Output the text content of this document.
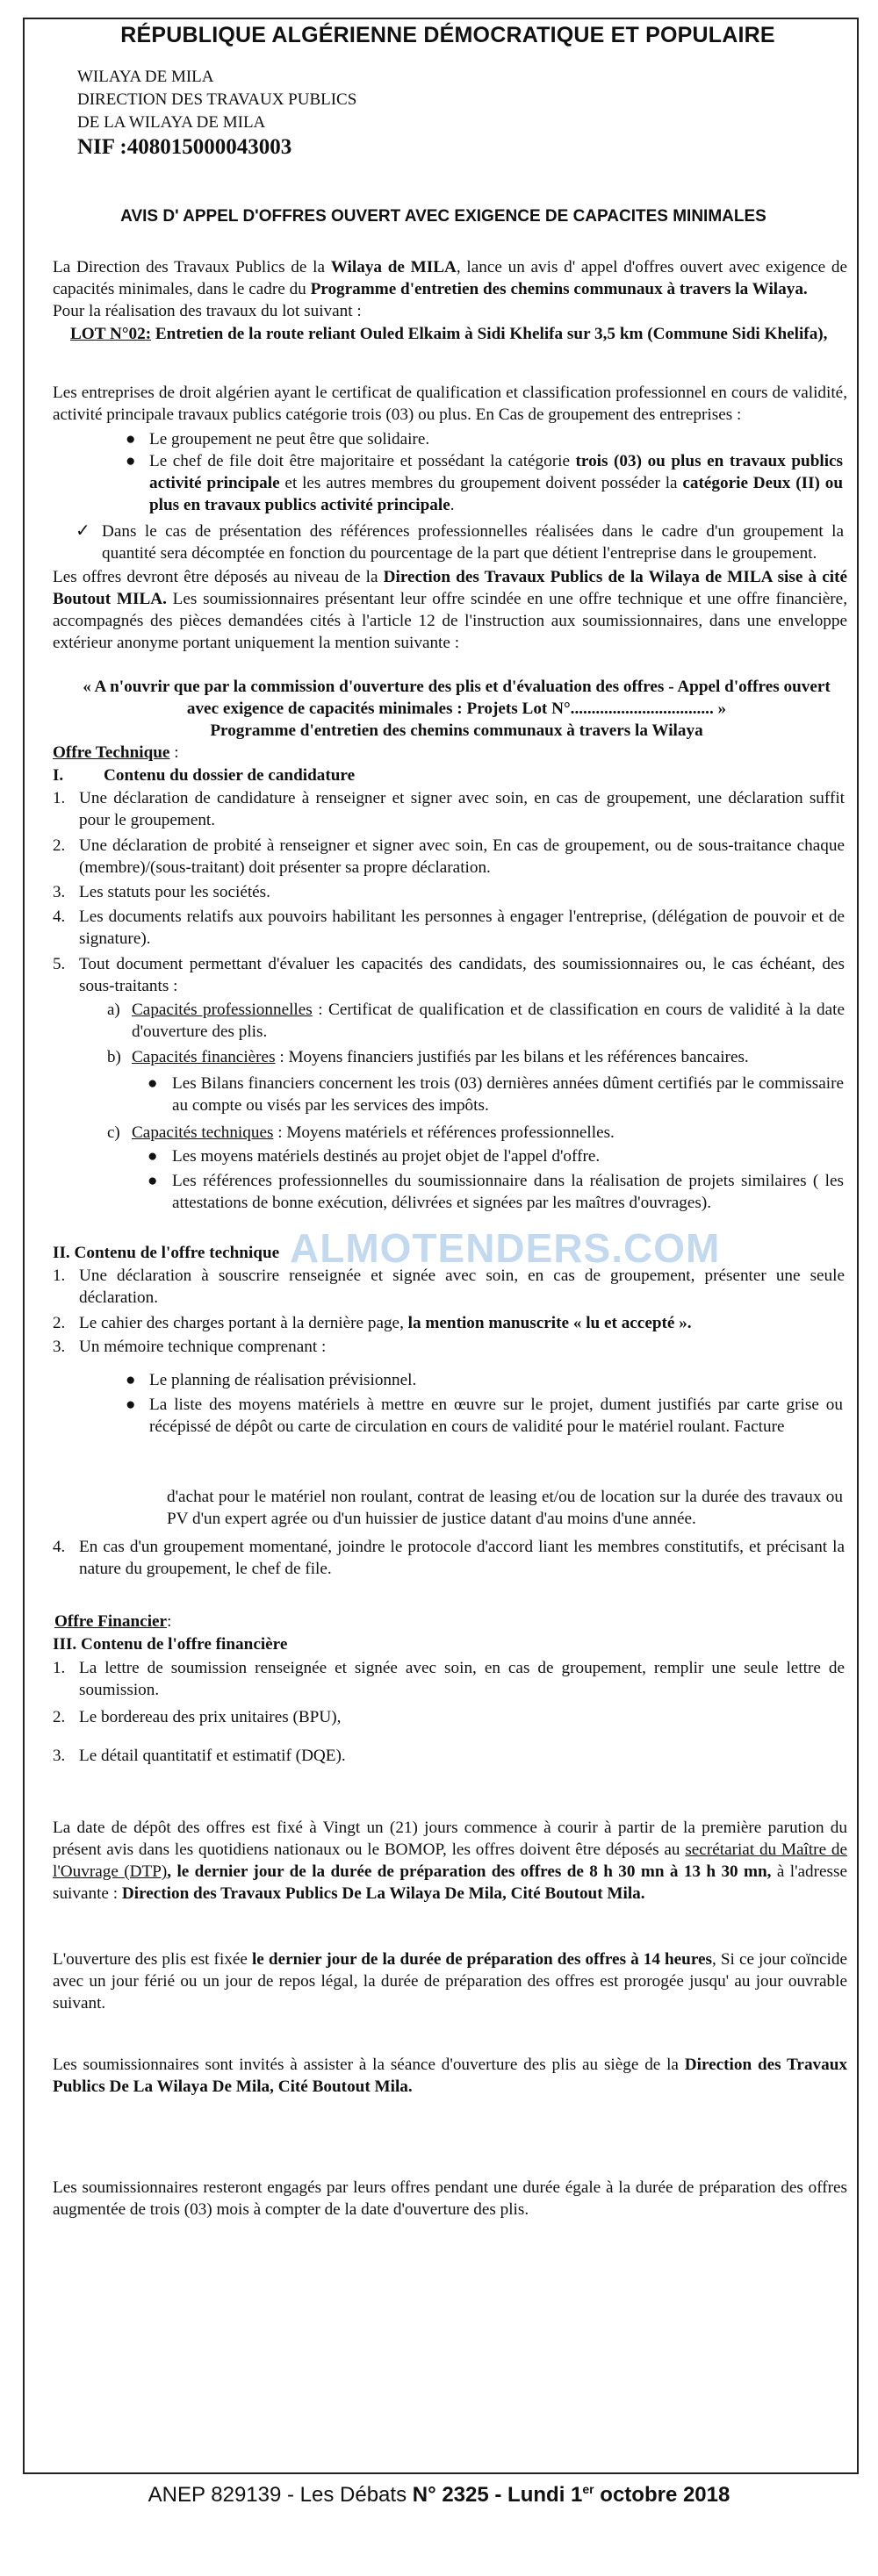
RÉPUBLIQUE ALGÉRIENNE DÉMOCRATIQUE ET POPULAIRE
WILAYA DE MILA
DIRECTION DES TRAVAUX PUBLICS
DE LA WILAYA DE MILA
NIF :408015000043003
AVIS D' APPEL D'OFFRES OUVERT AVEC EXIGENCE DE CAPACITES MINIMALES
La Direction des Travaux Publics de la Wilaya de MILA, lance un avis d' appel d'offres ouvert avec exigence de capacités minimales, dans le cadre du Programme d'entretien des chemins communaux à travers la Wilaya.
Pour la réalisation des travaux du lot suivant :
LOT N°02: Entretien de la route reliant Ouled Elkaim à Sidi Khelifa sur 3,5 km (Commune Sidi Khelifa),
Les entreprises de droit algérien ayant le certificat de qualification et classification professionnel en cours de validité, activité principale travaux publics catégorie trois (03) ou plus. En Cas de groupement des entreprises :
● Le groupement ne peut être que solidaire.
● Le chef de file doit être majoritaire et possédant la catégorie trois (03) ou plus en travaux publics activité principale et les autres membres du groupement doivent posséder la catégorie Deux (II) ou plus en travaux publics activité principale.
✓ Dans le cas de présentation des références professionnelles réalisées dans le cadre d'un groupement la quantité sera décomptée en fonction du pourcentage de la part que détient l'entreprise dans le groupement.
Les offres devront être déposés au niveau de la Direction des Travaux Publics de la Wilaya de MILA sise à cité Boutout MILA. Les soumissionnaires présentant leur offre scindée en une offre technique et une offre financière, accompagnés des pièces demandées cités à l'article 12 de l'instruction aux soumissionnaires, dans une enveloppe extérieur anonyme portant uniquement la mention suivante :
« A n'ouvrir que par la commission d'ouverture des plis et d'évaluation des offres - Appel d'offres ouvert avec exigence de capacités minimales : Projets Lot N°.................................. »
Programme d'entretien des chemins communaux à travers la Wilaya
Offre Technique :
I. Contenu du dossier de candidature
1. Une déclaration de candidature à renseigner et signer avec soin, en cas de groupement, une déclaration suffit pour le groupement.
2. Une déclaration de probité à renseigner et signer avec soin, En cas de groupement, ou de sous-traitance chaque (membre)/(sous-traitant) doit présenter sa propre déclaration.
3. Les statuts pour les sociétés.
4. Les documents relatifs aux pouvoirs habilitant les personnes à engager l'entreprise, (délégation de pouvoir et de signature).
5. Tout document permettant d'évaluer les capacités des candidats, des soumissionnaires ou, le cas échéant, des sous-traitants :
a) Capacités professionnelles : Certificat de qualification et de classification en cours de validité à la date d'ouverture des plis.
b) Capacités financières : Moyens financiers justifiés par les bilans et les références bancaires.
● Les Bilans financiers concernent les trois (03) dernières années dûment certifiés par le commissaire au compte ou visés par les services des impôts.
c) Capacités techniques : Moyens matériels et références professionnelles.
● Les moyens matériels destinés au projet objet de l'appel d'offre.
● Les références professionnelles du soumissionnaire dans la réalisation de projets similaires ( les attestations de bonne exécution, délivrées et signées par les maîtres d'ouvrages).
ALMOTENDERS.COM
II. Contenu de l'offre technique
1. Une déclaration à souscrire renseignée et signée avec soin, en cas de groupement, présenter une seule déclaration.
2. Le cahier des charges portant à la dernière page, la mention manuscrite « lu et accepté ».
3. Un mémoire technique comprenant :
● Le planning de réalisation prévisionnel.
● La liste des moyens matériels à mettre en œuvre sur le projet, dument justifiés par carte grise ou récépissé de dépôt ou carte de circulation en cours de validité pour le matériel roulant. Facture
d'achat pour le matériel non roulant, contrat de leasing et/ou de location sur la durée des travaux ou PV d'un expert agrée ou d'un huissier de justice datant d'au moins d'une année.
4. En cas d'un groupement momentané, joindre le protocole d'accord liant les membres constitutifs, et précisant la nature du groupement, le chef de file.
Offre Financier:
III. Contenu de l'offre financière
1. La lettre de soumission renseignée et signée avec soin, en cas de groupement, remplir une seule lettre de soumission.
2. Le bordereau des prix unitaires (BPU),
3. Le détail quantitatif et estimatif (DQE).
La date de dépôt des offres est fixé à Vingt un (21) jours commence à courir à partir de la première parution du présent avis dans les quotidiens nationaux ou le BOMOP, les offres doivent être déposés au secrétariat du Maître de l'Ouvrage (DTP), le dernier jour de la durée de préparation des offres de 8 h 30 mn à 13 h 30 mn, à l'adresse suivante : Direction des Travaux Publics De La Wilaya De Mila, Cité Boutout Mila.
L'ouverture des plis est fixée le dernier jour de la durée de préparation des offres à 14 heures, Si ce jour coïncide avec un jour férié ou un jour de repos légal, la durée de préparation des offres est prorogée jusqu' au jour ouvrable suivant.
Les soumissionnaires sont invités à assister à la séance d'ouverture des plis au siège de la Direction des Travaux Publics De La Wilaya De Mila, Cité Boutout Mila.
Les soumissionnaires resteront engagés par leurs offres pendant une durée égale à la durée de préparation des offres augmentée de trois (03) mois à compter de la date d'ouverture des plis.
ANEP 829139 - Les Débats N° 2325 - Lundi 1er octobre 2018
